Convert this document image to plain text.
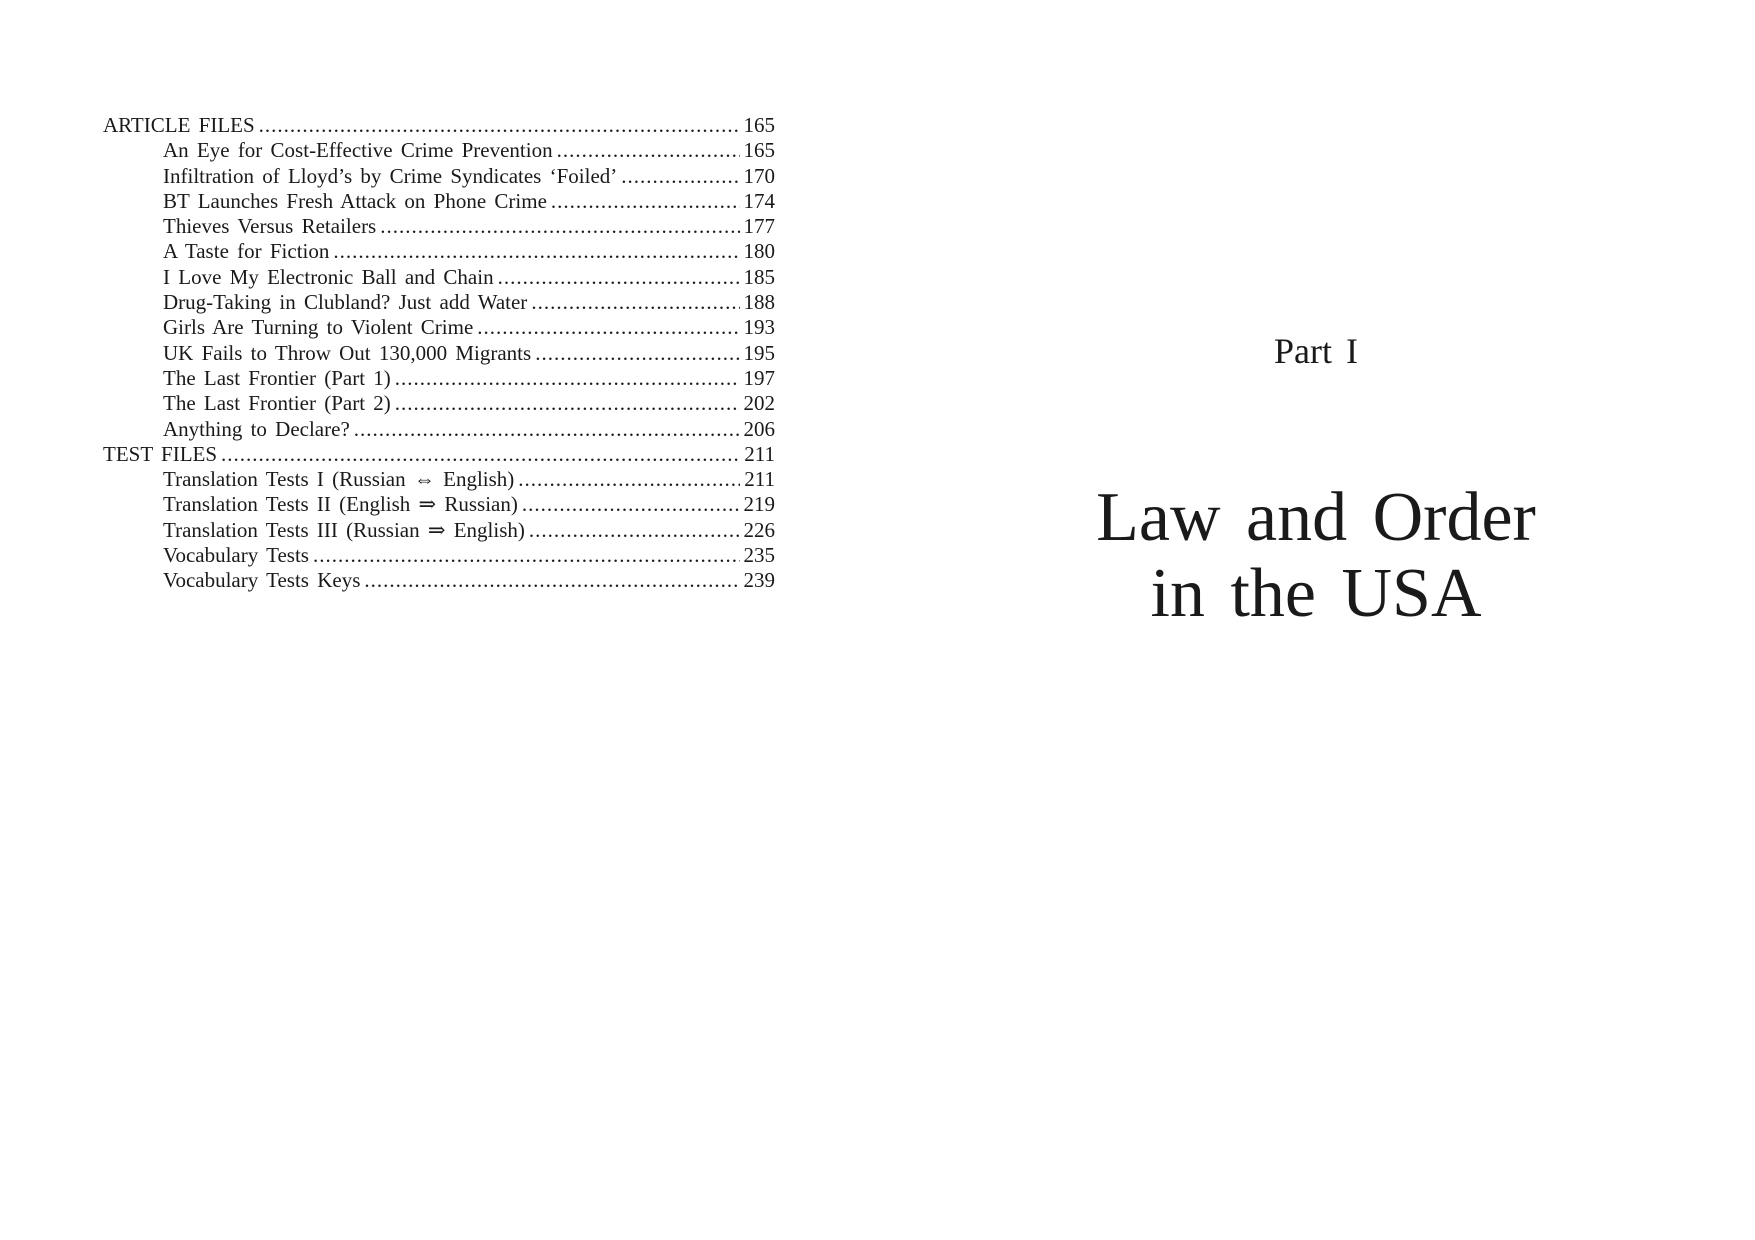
ARTICLE FILES .....	165
An Eye for Cost-Effective Crime Prevention .....	165
Infiltration of Lloyd’s by Crime Syndicates ‘Foiled’ .....	170
BT Launches Fresh Attack on Phone Crime .....	174
Thieves Versus Retailers .....	177
A Taste for Fiction .....	180
I Love My Electronic Ball and Chain .....	185
Drug-Taking in Clubland? Just add Water .....	188
Girls Are Turning to Violent Crime .....	193
UK Fails to Throw Out 130,000 Migrants .....	195
The Last Frontier (Part 1) .....	197
The Last Frontier (Part 2) .....	202
Anything to Declare? .....	206
TEST FILES .....	211
Translation Tests I (Russian ⇔ English) .....	211
Translation Tests II (English ⇒ Russian) .....	219
Translation Tests III (Russian ⇒ English) .....	226
Vocabulary Tests .....	235
Vocabulary Tests Keys .....	239
Part I
Law and Order
in the USA
